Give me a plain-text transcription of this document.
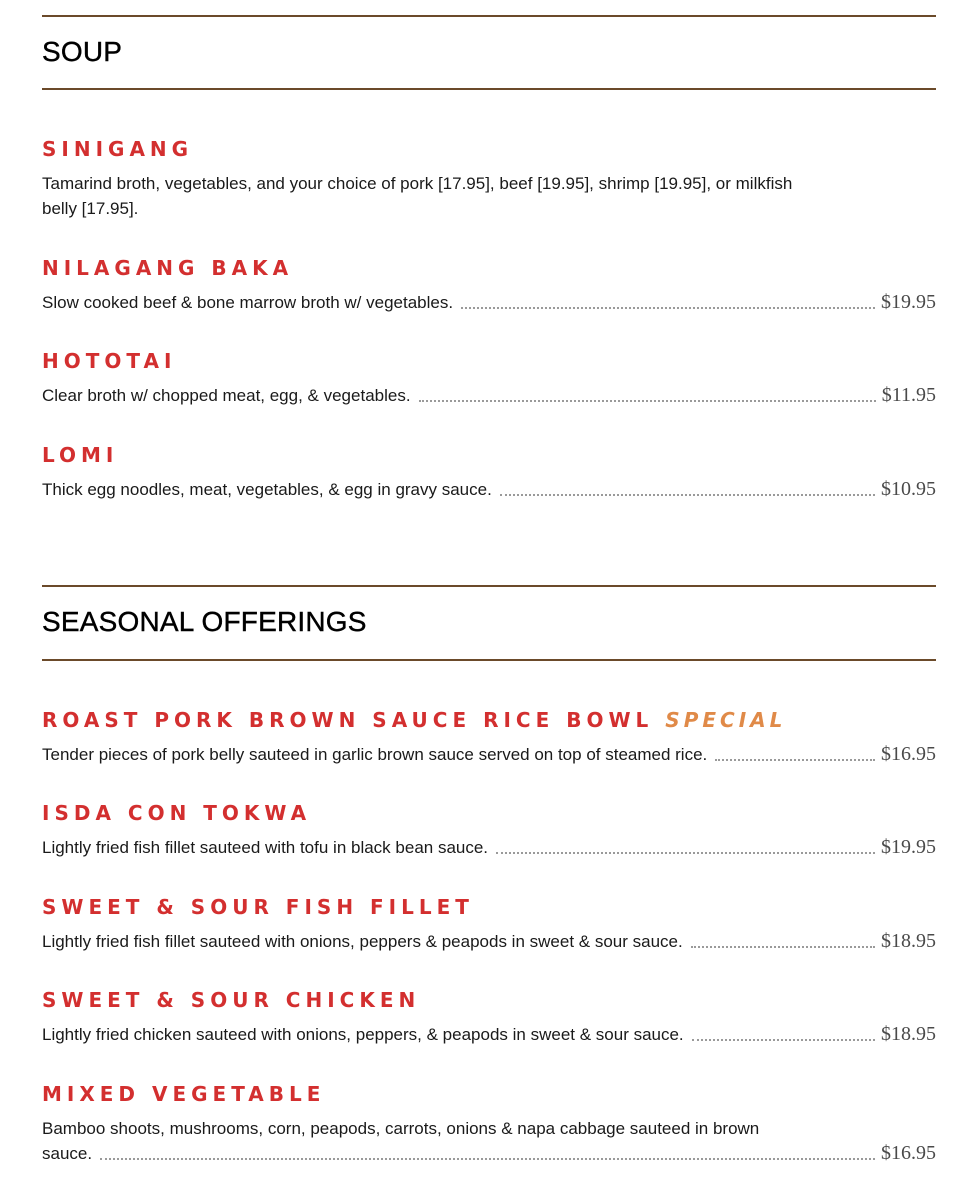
SOUP
SINIGANG
Tamarind broth, vegetables, and your choice of pork [17.95], beef [19.95], shrimp [19.95], or milkfish
belly [17.95].
NILAGANG BAKA
Slow cooked beef & bone marrow broth w/ vegetables.	$19.95
HOTOTAI
Clear broth w/ chopped meat, egg, & vegetables.	$11.95
LOMI
Thick egg noodles, meat, vegetables, & egg in gravy sauce.	$10.95
SEASONAL OFFERINGS
ROAST PORK BROWN SAUCE RICE BOWL SPECIAL
Tender pieces of pork belly sauteed in garlic brown sauce served on top of steamed rice.	$16.95
ISDA CON TOKWA
Lightly fried fish fillet sauteed with tofu in black bean sauce.	$19.95
SWEET & SOUR FISH FILLET
Lightly fried fish fillet sauteed with onions, peppers & peapods in sweet & sour sauce.	$18.95
SWEET & SOUR CHICKEN
Lightly fried chicken sauteed with onions, peppers, & peapods in sweet & sour sauce.	$18.95
MIXED VEGETABLE
Bamboo shoots, mushrooms, corn, peapods, carrots, onions & napa cabbage sauteed in brown
sauce.	$16.95
